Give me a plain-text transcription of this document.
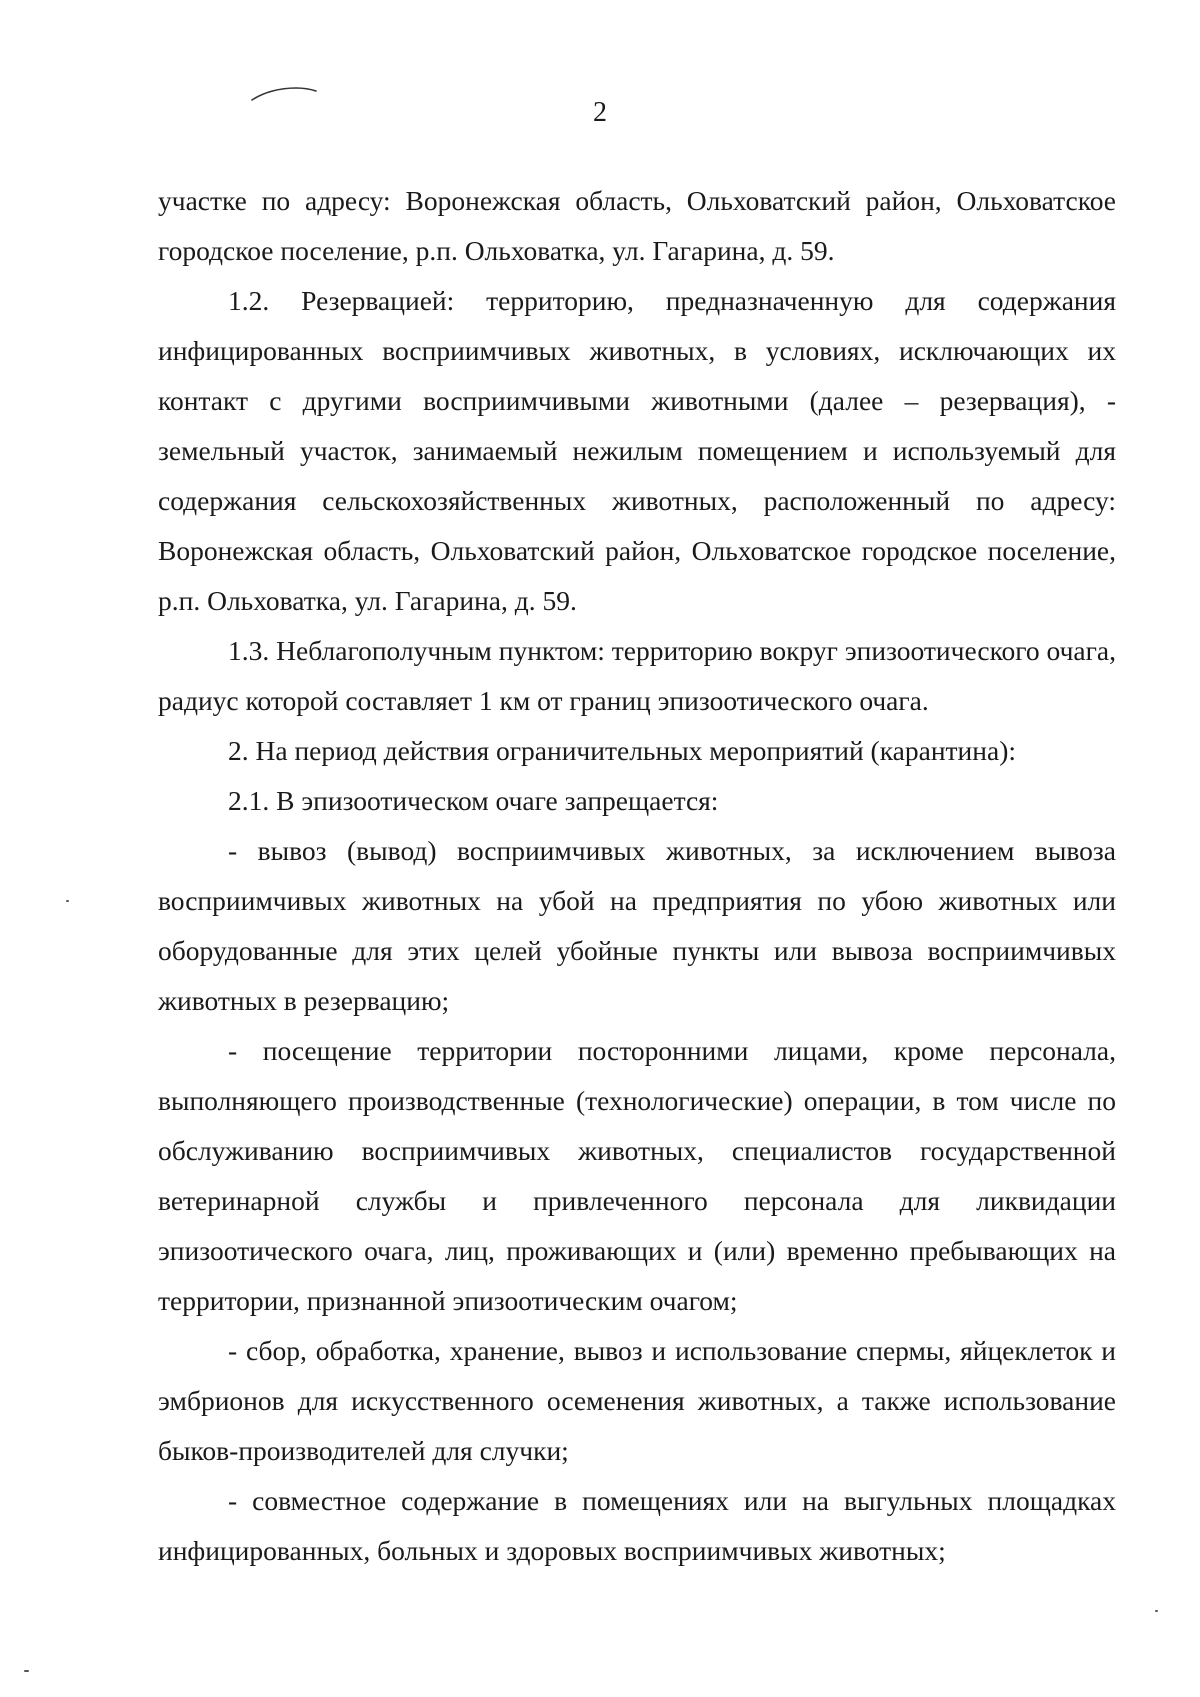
2

участке по адресу: Воронежская область, Ольховатский район, Ольховатское городское поселение, р.п. Ольховатка, ул. Гагарина, д. 59.

1.2. Резервацией: территорию, предназначенную для содержания инфицированных восприимчивых животных, в условиях, исключающих их контакт с другими восприимчивыми животными (далее – резервация), - земельный участок, занимаемый нежилым помещением и используемый для содержания сельскохозяйственных животных, расположенный по адресу: Воронежская область, Ольховатский район, Ольховатское городское поселение, р.п. Ольховатка, ул. Гагарина, д. 59.

1.3. Неблагополучным пунктом: территорию вокруг эпизоотического очага, радиус которой составляет 1 км от границ эпизоотического очага.

2. На период действия ограничительных мероприятий (карантина):

2.1. В эпизоотическом очаге запрещается:

- вывоз (вывод) восприимчивых животных, за исключением вывоза восприимчивых животных на убой на предприятия по убою животных или оборудованные для этих целей убойные пункты или вывоза восприимчивых животных в резервацию;

- посещение территории посторонними лицами, кроме персонала, выполняющего производственные (технологические) операции, в том числе по обслуживанию восприимчивых животных, специалистов государственной ветеринарной службы и привлеченного персонала для ликвидации эпизоотического очага, лиц, проживающих и (или) временно пребывающих на территории, признанной эпизоотическим очагом;

- сбор, обработка, хранение, вывоз и использование спермы, яйцеклеток и эмбрионов для искусственного осеменения животных, а также использование быков-производителей для случки;

- совместное содержание в помещениях или на выгульных площадках инфицированных, больных и здоровых восприимчивых животных;
